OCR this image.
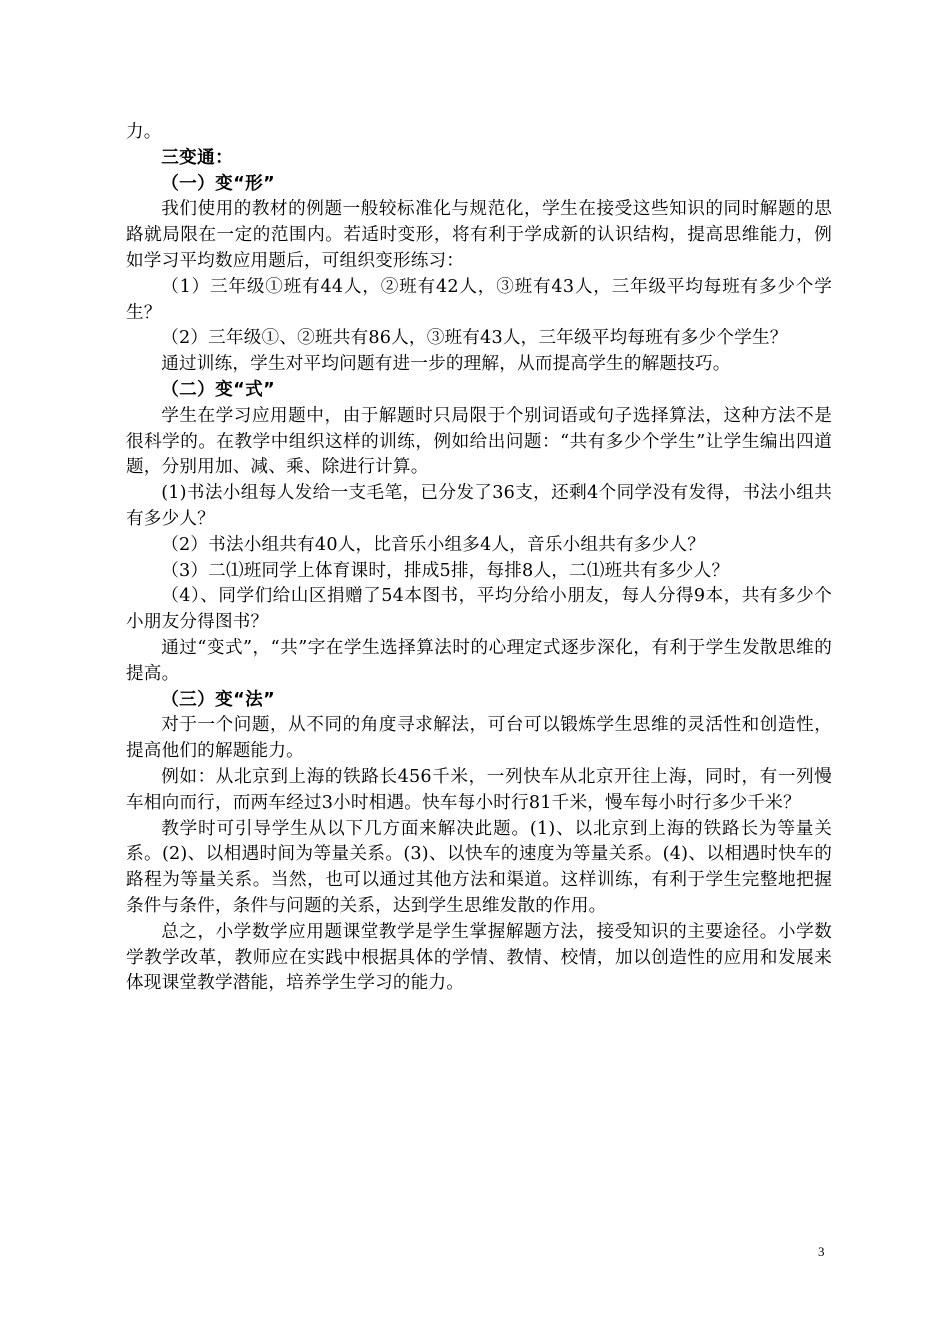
力。

三变通：

（一）变“形”

我们使用的教材的例题一般较标准化与规范化，学生在接受这些知识的同时解题的思路就局限在一定的范围内。若适时变形，将有利于学成新的认识结构，提高思维能力，例如学习平均数应用题后，可组织变形练习：

（1）三年级①班有44人，②班有42人，③班有43人，三年级平均每班有多少个学生？

（2）三年级①、②班共有86人，③班有43人，三年级平均每班有多少个学生？

通过训练，学生对平均问题有进一步的理解，从而提高学生的解题技巧。

（二）变“式”

学生在学习应用题中，由于解题时只局限于个别词语或句子选择算法，这种方法不是很科学的。在教学中组织这样的训练，例如给出问题：“共有多少个学生”让学生编出四道题，分别用加、减、乘、除进行计算。

(1)书法小组每人发给一支毛笔，已分发了36支，还剩4个同学没有发得，书法小组共有多少人？

（2）书法小组共有40人，比音乐小组多4人，音乐小组共有多少人？

（3）二⑴班同学上体育课时，排成5排，每排8人，二⑴班共有多少人？

（4）、同学们给山区捐赠了54本图书，平均分给小朋友，每人分得9本，共有多少个小朋友分得图书？

通过“变式”，“共”字在学生选择算法时的心理定式逐步深化，有利于学生发散思维的提高。

（三）变“法”

对于一个问题，从不同的角度寻求解法，可台可以锻炼学生思维的灵活性和创造性，提高他们的解题能力。

例如：从北京到上海的铁路长456千米，一列快车从北京开往上海，同时，有一列慢车相向而行，而两车经过3小时相遇。快车每小时行81千米，慢车每小时行多少千米？

教学时可引导学生从以下几方面来解决此题。(1)、以北京到上海的铁路长为等量关系。(2)、以相遇时间为等量关系。(3)、以快车的速度为等量关系。(4)、以相遇时快车的路程为等量关系。当然，也可以通过其他方法和渠道。这样训练，有利于学生完整地把握条件与条件，条件与问题的关系，达到学生思维发散的作用。

总之，小学数学应用题课堂教学是学生掌握解题方法，接受知识的主要途径。小学数学教学改革，教师应在实践中根据具体的学情、教情、校情，加以创造性的应用和发展来体现课堂教学潜能，培养学生学习的能力。

3
